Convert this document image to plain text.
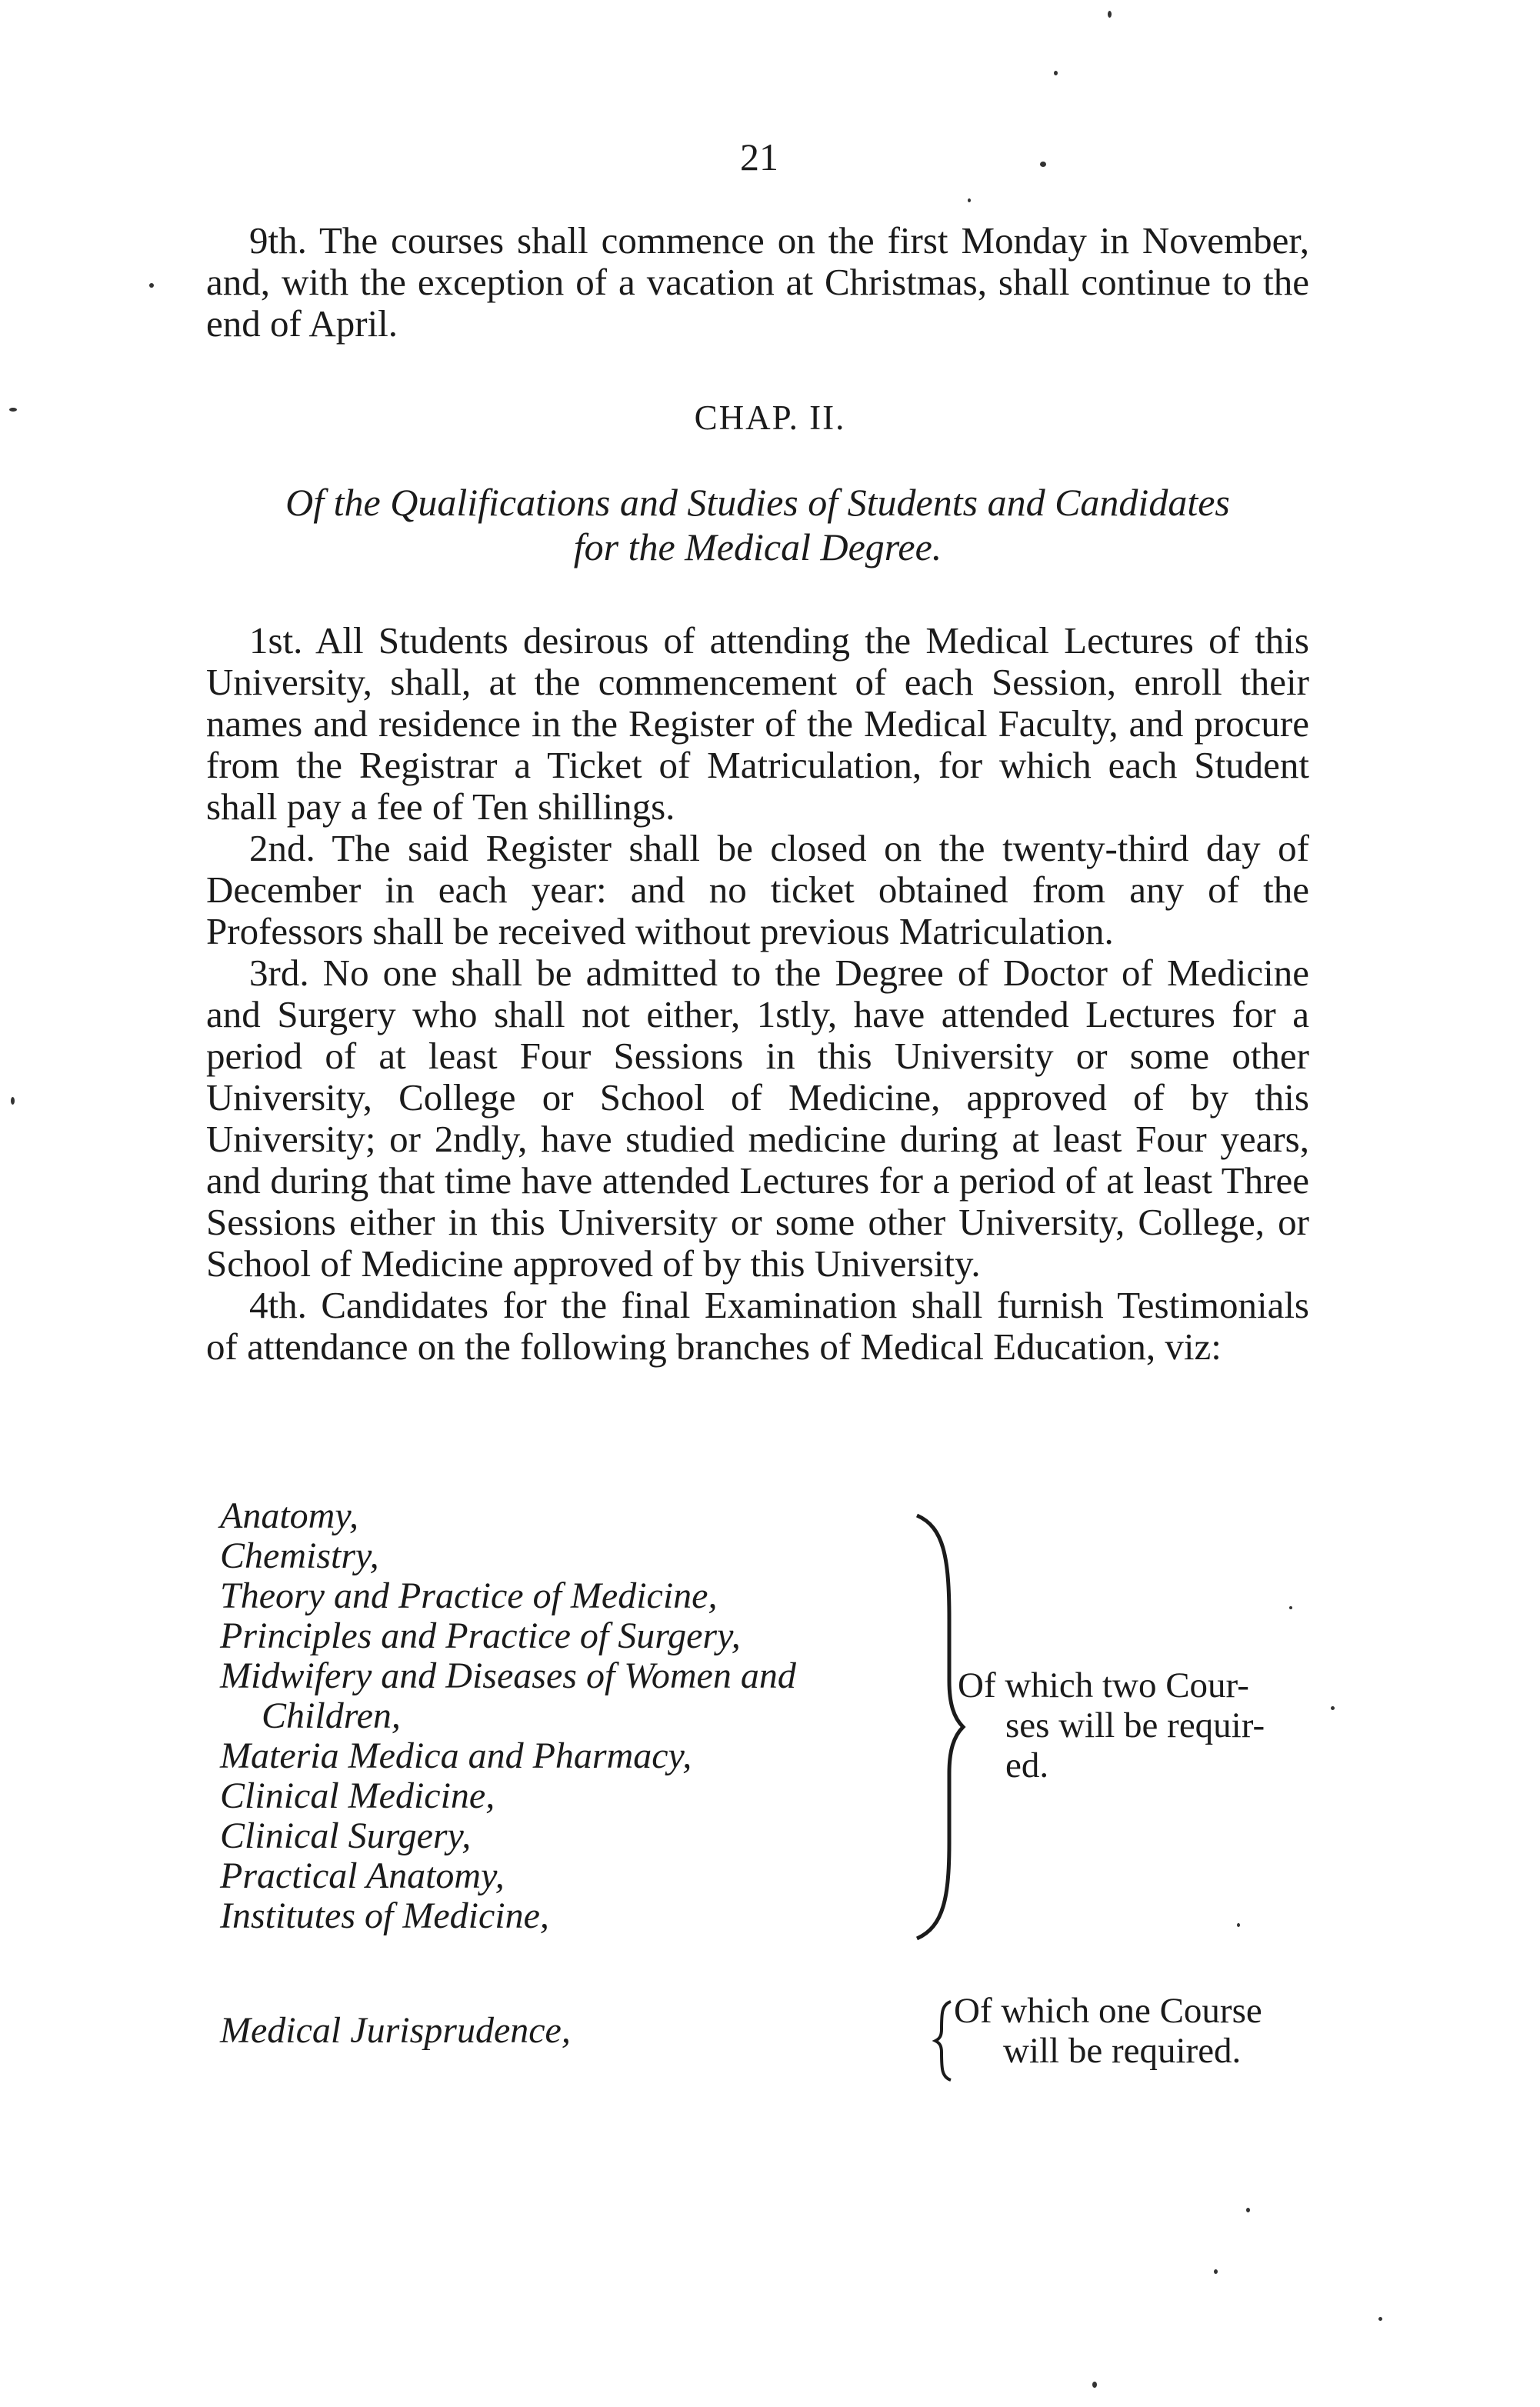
21

9th. The courses shall commence on the first Monday in November, and, with the exception of a vacation at Christmas, shall continue to the end of April.

CHAP. II.
Of the Qualifications and Studies of Students and Candidates
for the Medical Degree.

1st. All Students desirous of attending the Medical Lectures of this University, shall, at the commencement of each Session, enroll their names and residence in the Register of the Medical Faculty, and procure from the Registrar a Ticket of Matriculation, for which each Student shall pay a fee of Ten shillings.

2nd. The said Register shall be closed on the twenty-third day of December in each year: and no ticket obtained from any of the Professors shall be received without previous Matriculation.

3rd. No one shall be admitted to the Degree of Doctor of Medicine and Surgery who shall not either, 1stly, have attended Lectures for a period of at least Four Sessions in this University or some other University, College or School of Medicine, approved of by this University; or 2ndly, have studied medicine during at least Four years, and during that time have attended Lectures for a period of at least Three Sessions either in this University or some other University, College, or School of Medicine approved of by this University.

4th. Candidates for the final Examination shall furnish Testimonials of attendance on the following branches of Medical Education, viz:

Anatomy,
Chemistry,
Theory and Practice of Medicine,
Principles and Practice of Surgery,
Midwifery and Diseases of Women and
Children,
Materia Medica and Pharmacy,
Clinical Medicine,
Clinical Surgery,
Practical Anatomy,
Institutes of Medicine,
Of which two Cour-
ses will be requir-
ed.
Medical Jurisprudence,	Of which one Course
will be required.
